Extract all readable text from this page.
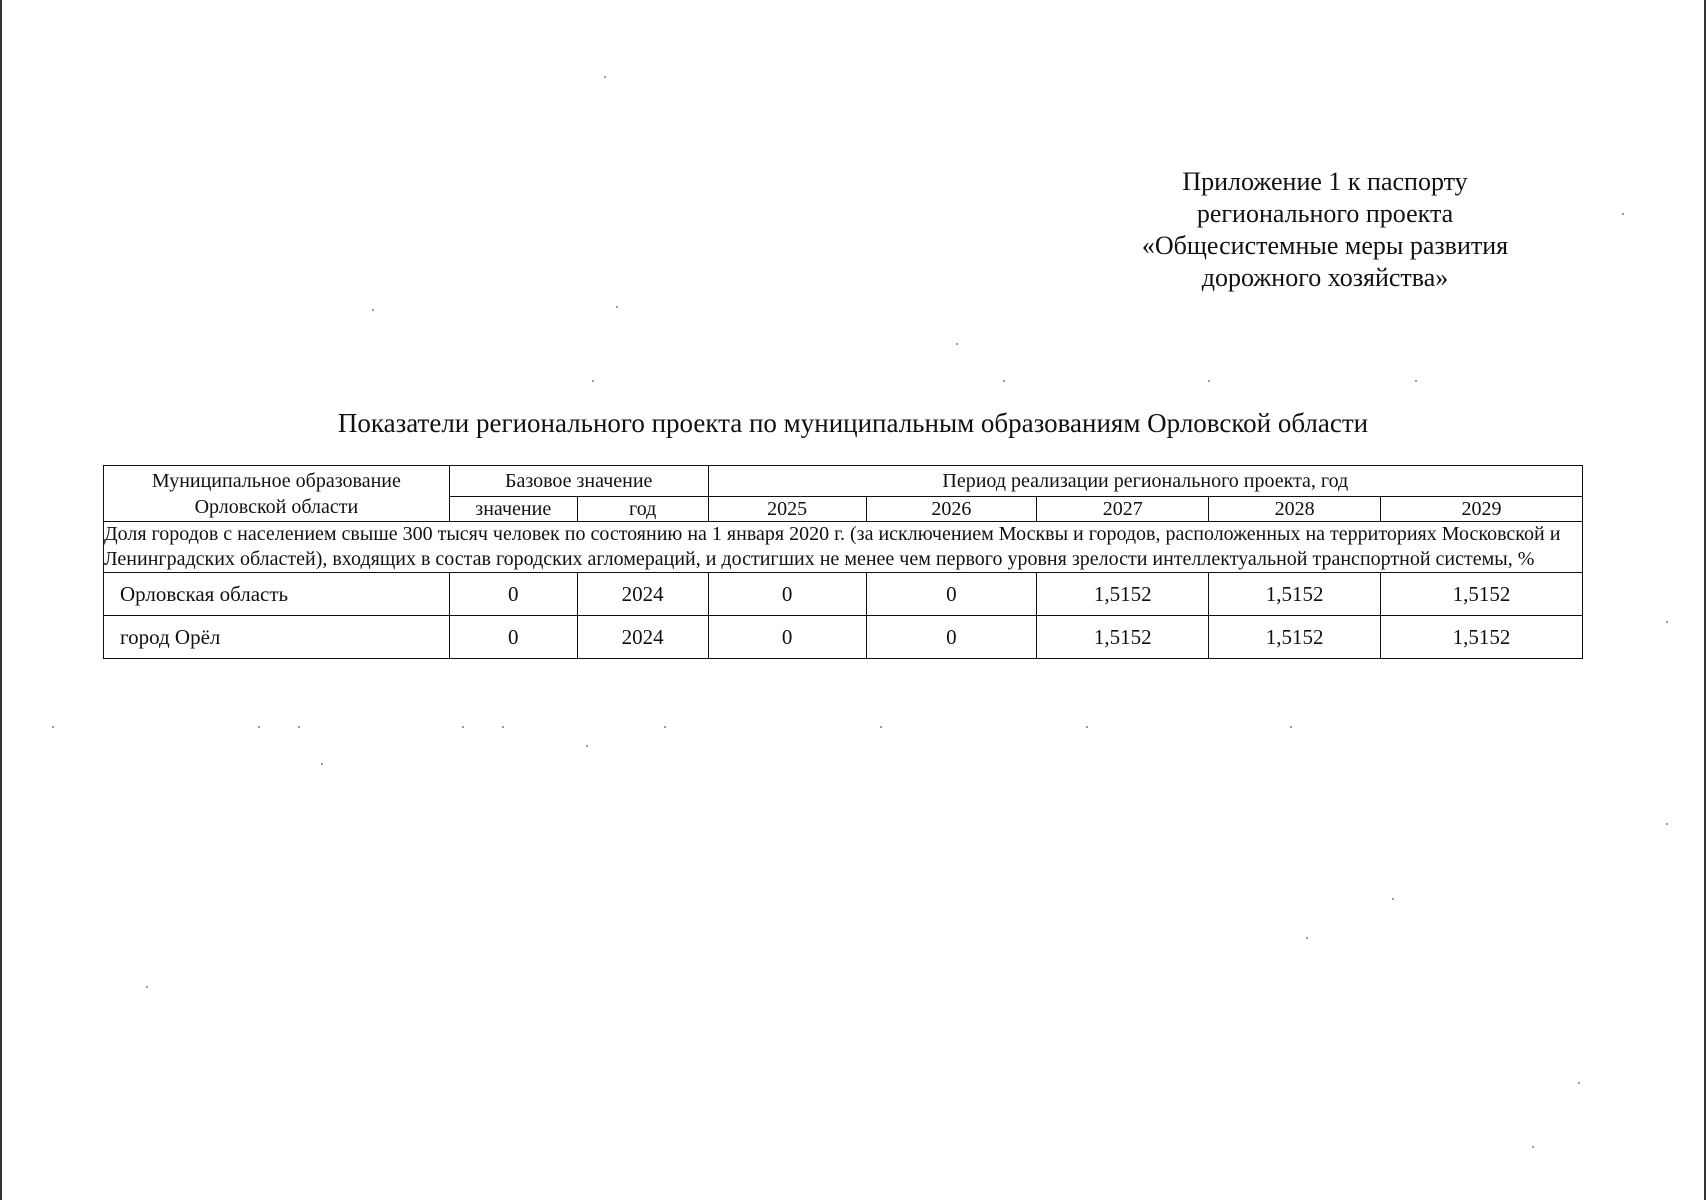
Приложение 1 к паспорту
регионального проекта
«Общесистемные меры развития
дорожного хозяйства»
Показатели регионального проекта по муниципальным образованиям Орловской области
Муниципальное образование Орловской области	Базовое значение		Период реализации регионального проекта, год				
	значение	год	2025	2026	2027	2028	2029
Доля городов с населением свыше 300 тысяч человек по состоянию на 1 января 2020 г. (за исключением Москвы и городов, расположенных на территориях Московской и Ленинградских областей), входящих в состав городских агломераций, и достигших не менее чем первого уровня зрелости интеллектуальной транспортной системы, %							
Орловская область	0	2024	0	0	1,5152	1,5152	1,5152
город Орёл	0	2024	0	0	1,5152	1,5152	1,5152
